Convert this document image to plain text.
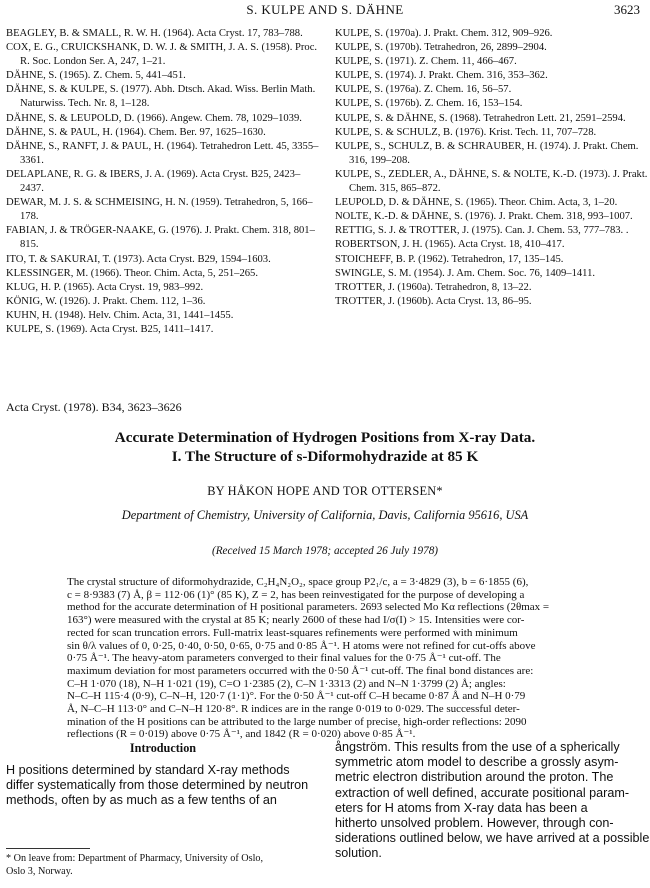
S. KULPE AND S. DÄHNE	3623

BEAGLEY, B. & SMALL, R. W. H. (1964). Acta Cryst. 17, 783–788.

COX, E. G., CRUICKSHANK, D. W. J. & SMITH, J. A. S. (1958). Proc. R. Soc. London Ser. A, 247, 1–21.

DÄHNE, S. (1965). Z. Chem. 5, 441–451.

DÄHNE, S. & KULPE, S. (1977). Abh. Dtsch. Akad. Wiss. Berlin Math. Naturwiss. Tech. Nr. 8, 1–128.

DÄHNE, S. & LEUPOLD, D. (1966). Angew. Chem. 78, 1029–1039.

DÄHNE, S. & PAUL, H. (1964). Chem. Ber. 97, 1625–1630.

DÄHNE, S., RANFT, J. & PAUL, H. (1964). Tetrahedron Lett. 45, 3355–3361.

DELAPLANE, R. G. & IBERS, J. A. (1969). Acta Cryst. B25, 2423–2437.

DEWAR, M. J. S. & SCHMEISING, H. N. (1959). Tetrahedron, 5, 166–178.

FABIAN, J. & TRÖGER-NAAKE, G. (1976). J. Prakt. Chem. 318, 801–815.

ITO, T. & SAKURAI, T. (1973). Acta Cryst. B29, 1594–1603.

KLESSINGER, M. (1966). Theor. Chim. Acta, 5, 251–265.

KLUG, H. P. (1965). Acta Cryst. 19, 983–992.

KÖNIG, W. (1926). J. Prakt. Chem. 112, 1–36.

KUHN, H. (1948). Helv. Chim. Acta, 31, 1441–1455.

KULPE, S. (1969). Acta Cryst. B25, 1411–1417.

KULPE, S. (1970a). J. Prakt. Chem. 312, 909–926.

KULPE, S. (1970b). Tetrahedron, 26, 2899–2904.

KULPE, S. (1971). Z. Chem. 11, 466–467.

KULPE, S. (1974). J. Prakt. Chem. 316, 353–362.

KULPE, S. (1976a). Z. Chem. 16, 56–57.

KULPE, S. (1976b). Z. Chem. 16, 153–154.

KULPE, S. & DÄHNE, S. (1968). Tetrahedron Lett. 21, 2591–2594.

KULPE, S. & SCHULZ, B. (1976). Krist. Tech. 11, 707–728.

KULPE, S., SCHULZ, B. & SCHRAUBER, H. (1974). J. Prakt. Chem. 316, 199–208.

KULPE, S., ZEDLER, A., DÄHNE, S. & NOLTE, K.-D. (1973). J. Prakt. Chem. 315, 865–872.

LEUPOLD, D. & DÄHNE, S. (1965). Theor. Chim. Acta, 3, 1–20.

NOLTE, K.-D. & DÄHNE, S. (1976). J. Prakt. Chem. 318, 993–1007.

RETTIG, S. J. & TROTTER, J. (1975). Can. J. Chem. 53, 777–783. .

ROBERTSON, J. H. (1965). Acta Cryst. 18, 410–417.

STOICHEFF, B. P. (1962). Tetrahedron, 17, 135–145.

SWINGLE, S. M. (1954). J. Am. Chem. Soc. 76, 1409–1411.

TROTTER, J. (1960a). Tetrahedron, 8, 13–22.

TROTTER, J. (1960b). Acta Cryst. 13, 86–95.

Acta Cryst. (1978). B34, 3623–3626
Accurate Determination of Hydrogen Positions from X-ray Data.
I. The Structure of s-Diformohydrazide at 85 K
BY HÅKON HOPE AND TOR OTTERSEN*
Department of Chemistry, University of California, Davis, California 95616, USA
(Received 15 March 1978; accepted 26 July 1978)
The crystal structure of diformohydrazide, C₂H₄N₂O₂, space group P2₁/c, a = 3·4829 (3), b = 6·1855 (6),
c = 8·9383 (7) Å, β = 112·06 (1)° (85 K), Z = 2, has been reinvestigated for the purpose of developing a
method for the accurate determination of H positional parameters. 2693 selected Mo Kα reflections (2θmax =
163°) were measured with the crystal at 85 K; nearly 2600 of these had I/σ(I) > 15. Intensities were cor-
rected for scan truncation errors. Full-matrix least-squares refinements were performed with minimum
sin θ/λ values of 0, 0·25, 0·40, 0·50, 0·65, 0·75 and 0·85 Å⁻¹. H atoms were not refined for cut-offs above
0·75 Å⁻¹. The heavy-atom parameters converged to their final values for the 0·75 Å⁻¹ cut-off. The
maximum deviation for most parameters occurred with the 0·50 Å⁻¹ cut-off. The final bond distances are:
C–H 1·070 (18), N–H 1·021 (19), C=O 1·2385 (2), C–N 1·3313 (2) and N–N 1·3799 (2) Å; angles:
N–C–H 115·4 (0·9), C–N–H, 120·7 (1·1)°. For the 0·50 Å⁻¹ cut-off C–H became 0·87 Å and N–H 0·79
Å, N–C–H 113·0° and C–N–H 120·8°. R indices are in the range 0·019 to 0·029. The successful deter-
mination of the H positions can be attributed to the large number of precise, high-order reflections: 2090
reflections (R = 0·019) above 0·75 Å⁻¹, and 1842 (R = 0·020) above 0·85 Å⁻¹.
Introduction
H positions determined by standard X-ray methods
differ systematically from those determined by neutron
methods, often by as much as a few tenths of an
ångström. This results from the use of a spherically
symmetric atom model to describe a grossly asym-
metric electron distribution around the proton. The
extraction of well defined, accurate positional param-
eters for H atoms from X-ray data has been a
hitherto unsolved problem. However, through con-
siderations outlined below, we have arrived at a possible
solution.
* On leave from: Department of Pharmacy, University of Oslo,
Oslo 3, Norway.
